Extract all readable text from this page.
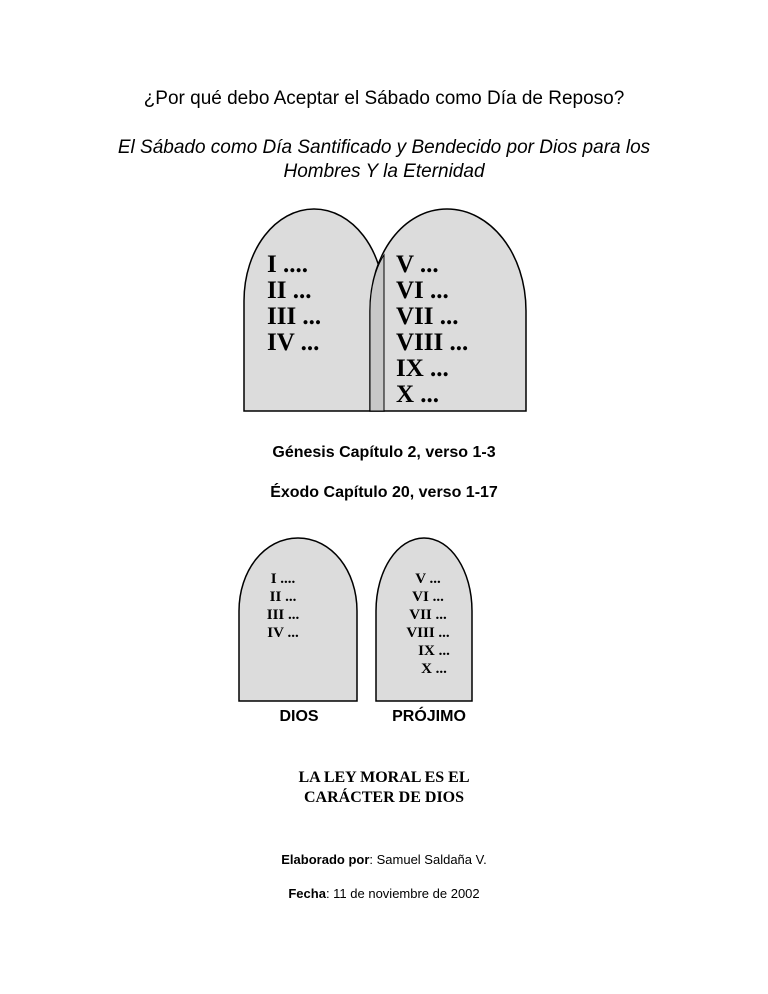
¿Por qué debo Aceptar el Sábado como Día de Reposo?
El Sábado como Día Santificado y Bendecido por Dios para los Hombres Y la Eternidad
I ....
II ...
III ...
IV ...
V ...
VI ...
VII ...
VIII ...
IX ...
X ...
Génesis Capítulo 2, verso 1-3
Éxodo Capítulo 20, verso 1-17
I ....
II ...
III ...
IV ...
V ...
VI ...
VII ...
VIII ...
IX ...
X ...
DIOS	PRÓJIMO
LA LEY MORAL ES EL
CARÁCTER DE DIOS
Elaborado por: Samuel Saldaña V.
Fecha: 11 de noviembre de 2002
